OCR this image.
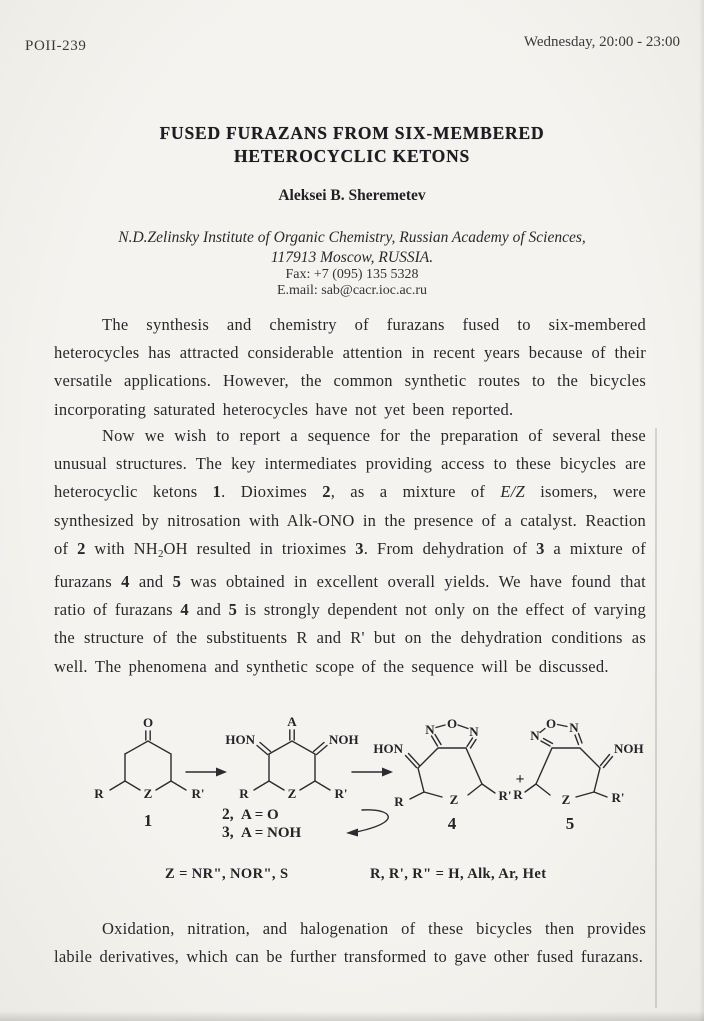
POII-239	Wednesday, 20:00 - 23:00
FUSED FURAZANS FROM SIX-MEMBERED
HETEROCYCLIC KETONS
Aleksei B. Sheremetev
N.D.Zelinsky Institute of Organic Chemistry, Russian Academy of Sciences,
117913 Moscow, RUSSIA.
Fax: +7 (095) 135 5328
E.mail: sab@cacr.ioc.ac.ru
The synthesis and chemistry of furazans fused to six-membered heterocycles has attracted considerable attention in recent years because of their versatile applications. However, the common synthetic routes to the bicycles incorporating saturated heterocycles have not yet been reported.
Now we wish to report a sequence for the preparation of several these unusual structures. The key intermediates providing access to these bicycles are heterocyclic ketons 1. Dioximes 2, as a mixture of E/Z isomers, were synthesized by nitrosation with Alk-ONO in the presence of a catalyst. Reaction of 2 with $NH_2OH$ resulted in trioximes 3. From dehydration of 3 a mixture of furazans 4 and 5 was obtained in excellent overall yields. We have found that ratio of furazans 4 and 5 is strongly dependent not only on the effect of varying the structure of the substituents R and R' but on the dehydration conditions as well. The phenomena and synthetic scope of the sequence will be discussed.
O
R	Z	R'
1
A
HON	NOH
R	Z	R'
2, A = O
3, A = NOH
N O
N
HON
R	Z	R'
4
+
N
O N
NOH
R	Z	R'
5
Z = NR", NOR", S	R, R', R" = H, Alk, Ar, Het
Oxidation, nitration, and halogenation of these bicycles then provides labile derivatives, which can be further transformed to gave other fused furazans.
